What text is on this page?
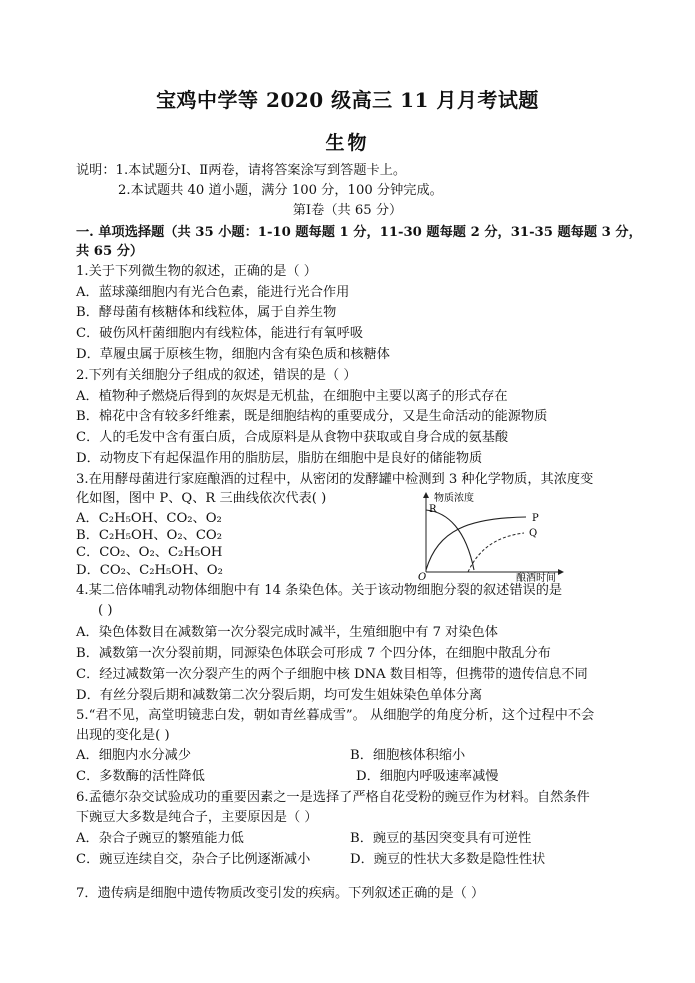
宝鸡中学等 2020 级高三 11 月月考试题
生物
说明：1.本试题分Ⅰ、Ⅱ两卷，请将答案涂写到答题卡上。
2.本试题共 40 道小题，满分 100 分，100 分钟完成。
第Ⅰ卷（共 65 分）
一. 单项选择题（共 35 小题：1-10 题每题 1 分，11-30 题每题 2 分，31-35 题每题 3 分，
共 65 分）
1.关于下列微生物的叙述，正确的是（ ）
A．蓝球藻细胞内有光合色素，能进行光合作用
B．酵母菌有核糖体和线粒体，属于自养生物
C．破伤风杆菌细胞内有线粒体，能进行有氧呼吸
D．草履虫属于原核生物，细胞内含有染色质和核糖体
2.下列有关细胞分子组成的叙述，错误的是（ ）
A．植物种子燃烧后得到的灰烬是无机盐，在细胞中主要以离子的形式存在
B．棉花中含有较多纤维素，既是细胞结构的重要成分，又是生命活动的能源物质
C．人的毛发中含有蛋白质，合成原料是从食物中获取或自身合成的氨基酸
D．动物皮下有起保温作用的脂肪层，脂肪在细胞中是良好的储能物质
3.在用酵母菌进行家庭酿酒的过程中，从密闭的发酵罐中检测到 3 种化学物质，其浓度变
化如图，图中 P、Q、R 三曲线依次代表( )
A．C₂H₅OH、CO₂、O₂
B．C₂H₅OH、O₂、CO₂
C．CO₂、O₂、C₂H₅OH
D．CO₂、C₂H₅OH、O₂
物质浓度
酿酒时间
O
R
P
Q
4.某二倍体哺乳动物体细胞中有 14 条染色体。关于该动物细胞分裂的叙述错误的是
( )
A．染色体数目在减数第一次分裂完成时减半，生殖细胞中有 7 对染色体
B．减数第一次分裂前期，同源染色体联会可形成 7 个四分体，在细胞中散乱分布
C．经过减数第一次分裂产生的两个子细胞中核 DNA 数目相等，但携带的遗传信息不同
D．有丝分裂后期和减数第二次分裂后期，均可发生姐妹染色单体分离
5.“君不见，高堂明镜悲白发，朝如青丝暮成雪”。 从细胞学的角度分析，这个过程中不会
出现的变化是( )
A．细胞内水分减少	B．细胞核体积缩小
C．多数酶的活性降低	D．细胞内呼吸速率减慢
6.孟德尔杂交试验成功的重要因素之一是选择了严格自花受粉的豌豆作为材料。自然条件
下豌豆大多数是纯合子，主要原因是（ ）
A．杂合子豌豆的繁殖能力低	B．豌豆的基因突变具有可逆性
C．豌豆连续自交，杂合子比例逐渐减小	D．豌豆的性状大多数是隐性性状
7．遗传病是细胞中遗传物质改变引发的疾病。下列叙述正确的是（ ）
